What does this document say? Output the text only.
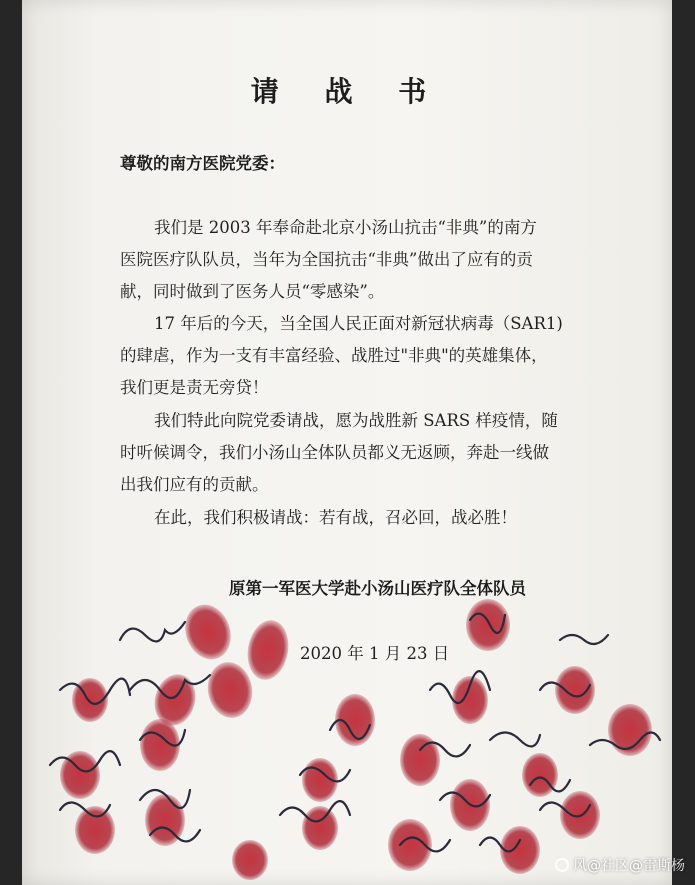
请 战 书
尊敬的南方医院党委：

我们是 2003 年奉命赴北京小汤山抗击“非典”的南方
医院医疗队队员，当年为全国抗击“非典”做出了应有的贡
献，同时做到了医务人员“零感染”。

17 年后的今天，当全国人民正面对新冠状病毒（SAR1)
的肆虐，作为一支有丰富经验、战胜过"非典"的英雄集体，
我们更是责无旁贷！

我们特此向院党委请战，愿为战胜新 SARS 样疫情，随
时听候调令，我们小汤山全体队员都义无返顾，奔赴一线做
出我们应有的贡献。

在此，我们积极请战：若有战，召必回，战必胜！

原第一军医大学赴小汤山医疗队全体队员
2020 年 1 月 23 日
风@社区@雷斯杨
